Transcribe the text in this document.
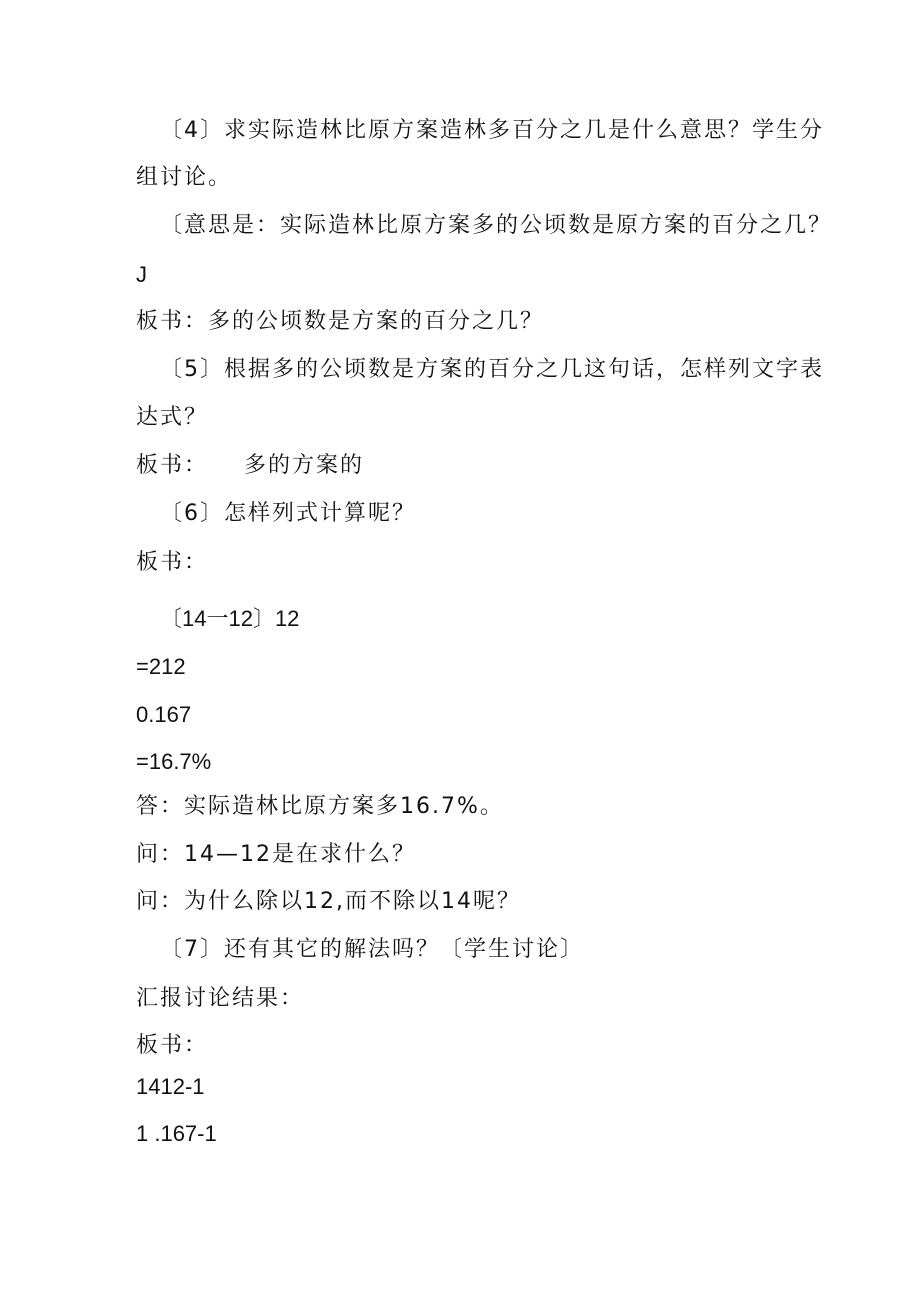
〔4〕求实际造林比原方案造林多百分之几是什么意思？学生分
组讨论。
〔意思是：实际造林比原方案多的公顷数是原方案的百分之几？
J
板书：多的公顷数是方案的百分之几？
〔5〕根据多的公顷数是方案的百分之几这句话，怎样列文字表
达式？
板书： 多的方案的
〔6〕怎样列式计算呢？
板书：
〔14一12〕12
=212
0.167
=16.7%
答：实际造林比原方案多16.7%。
问：14—12是在求什么？
问：为什么除以12,而不除以14呢？
〔7〕还有其它的解法吗？〔学生讨论〕
汇报讨论结果：
板书：
1412-1
1 .167-1
